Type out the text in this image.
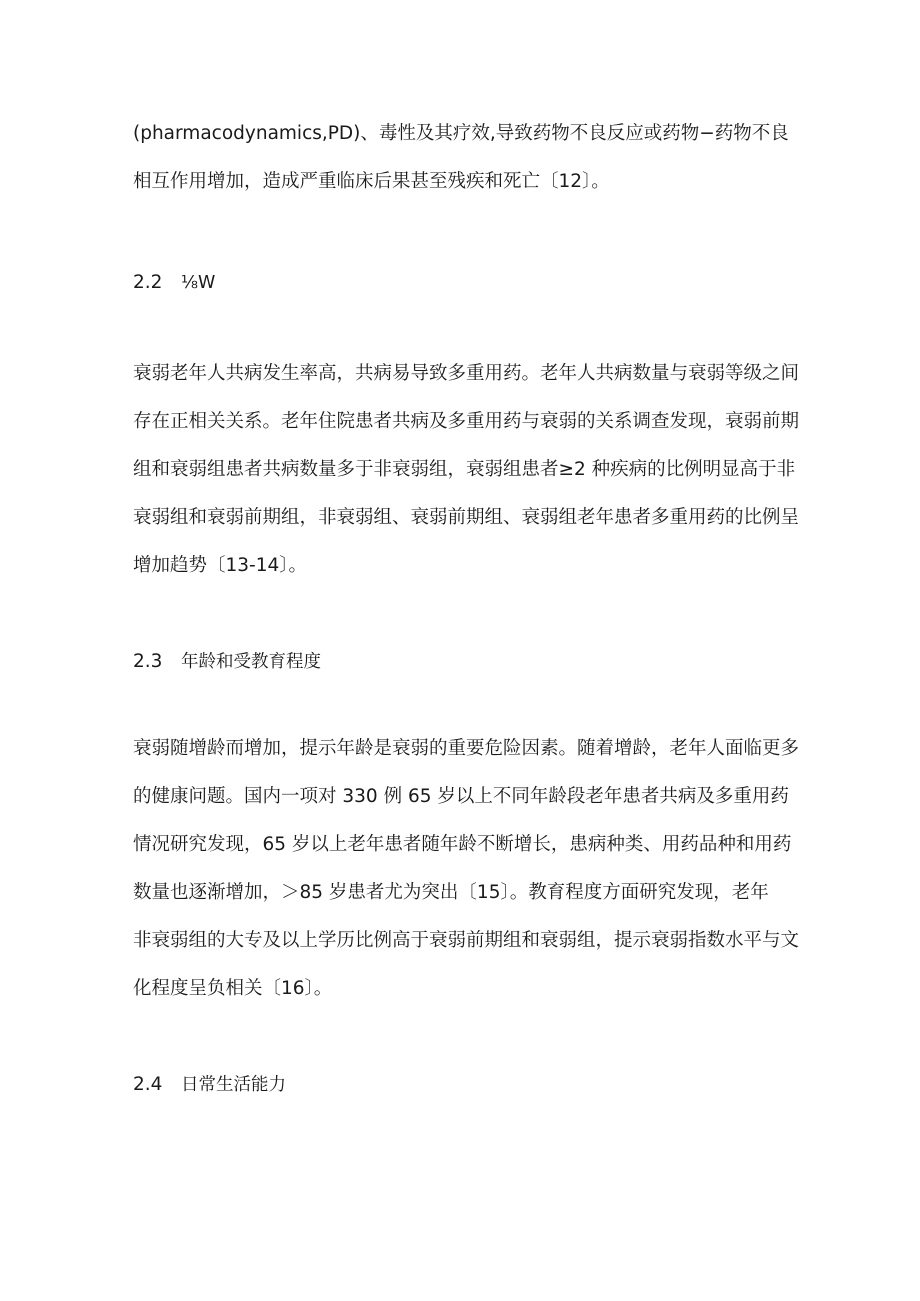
(pharmacodynamics,PD)、毒性及其疗效,导致药物不良反应或药物−药物不良

相互作用增加，造成严重临床后果甚至残疾和死亡〔12〕。

2.2 ⅛W

衰弱老年人共病发生率高，共病易导致多重用药。老年人共病数量与衰弱等级之间

存在正相关关系。老年住院患者共病及多重用药与衰弱的关系调查发现，衰弱前期

组和衰弱组患者共病数量多于非衰弱组，衰弱组患者≥2 种疾病的比例明显高于非

衰弱组和衰弱前期组，非衰弱组、衰弱前期组、衰弱组老年患者多重用药的比例呈

增加趋势〔13-14〕。

2.3 年龄和受教育程度

衰弱随增龄而增加，提示年龄是衰弱的重要危险因素。随着增龄，老年人面临更多

的健康问题。国内一项对 330 例 65 岁以上不同年龄段老年患者共病及多重用药

情况研究发现，65 岁以上老年患者随年龄不断增长，患病种类、用药品种和用药

数量也逐渐增加，＞85 岁患者尤为突出〔15〕。教育程度方面研究发现，老年

非衰弱组的大专及以上学历比例高于衰弱前期组和衰弱组，提示衰弱指数水平与文

化程度呈负相关〔16〕。

2.4 日常生活能力
